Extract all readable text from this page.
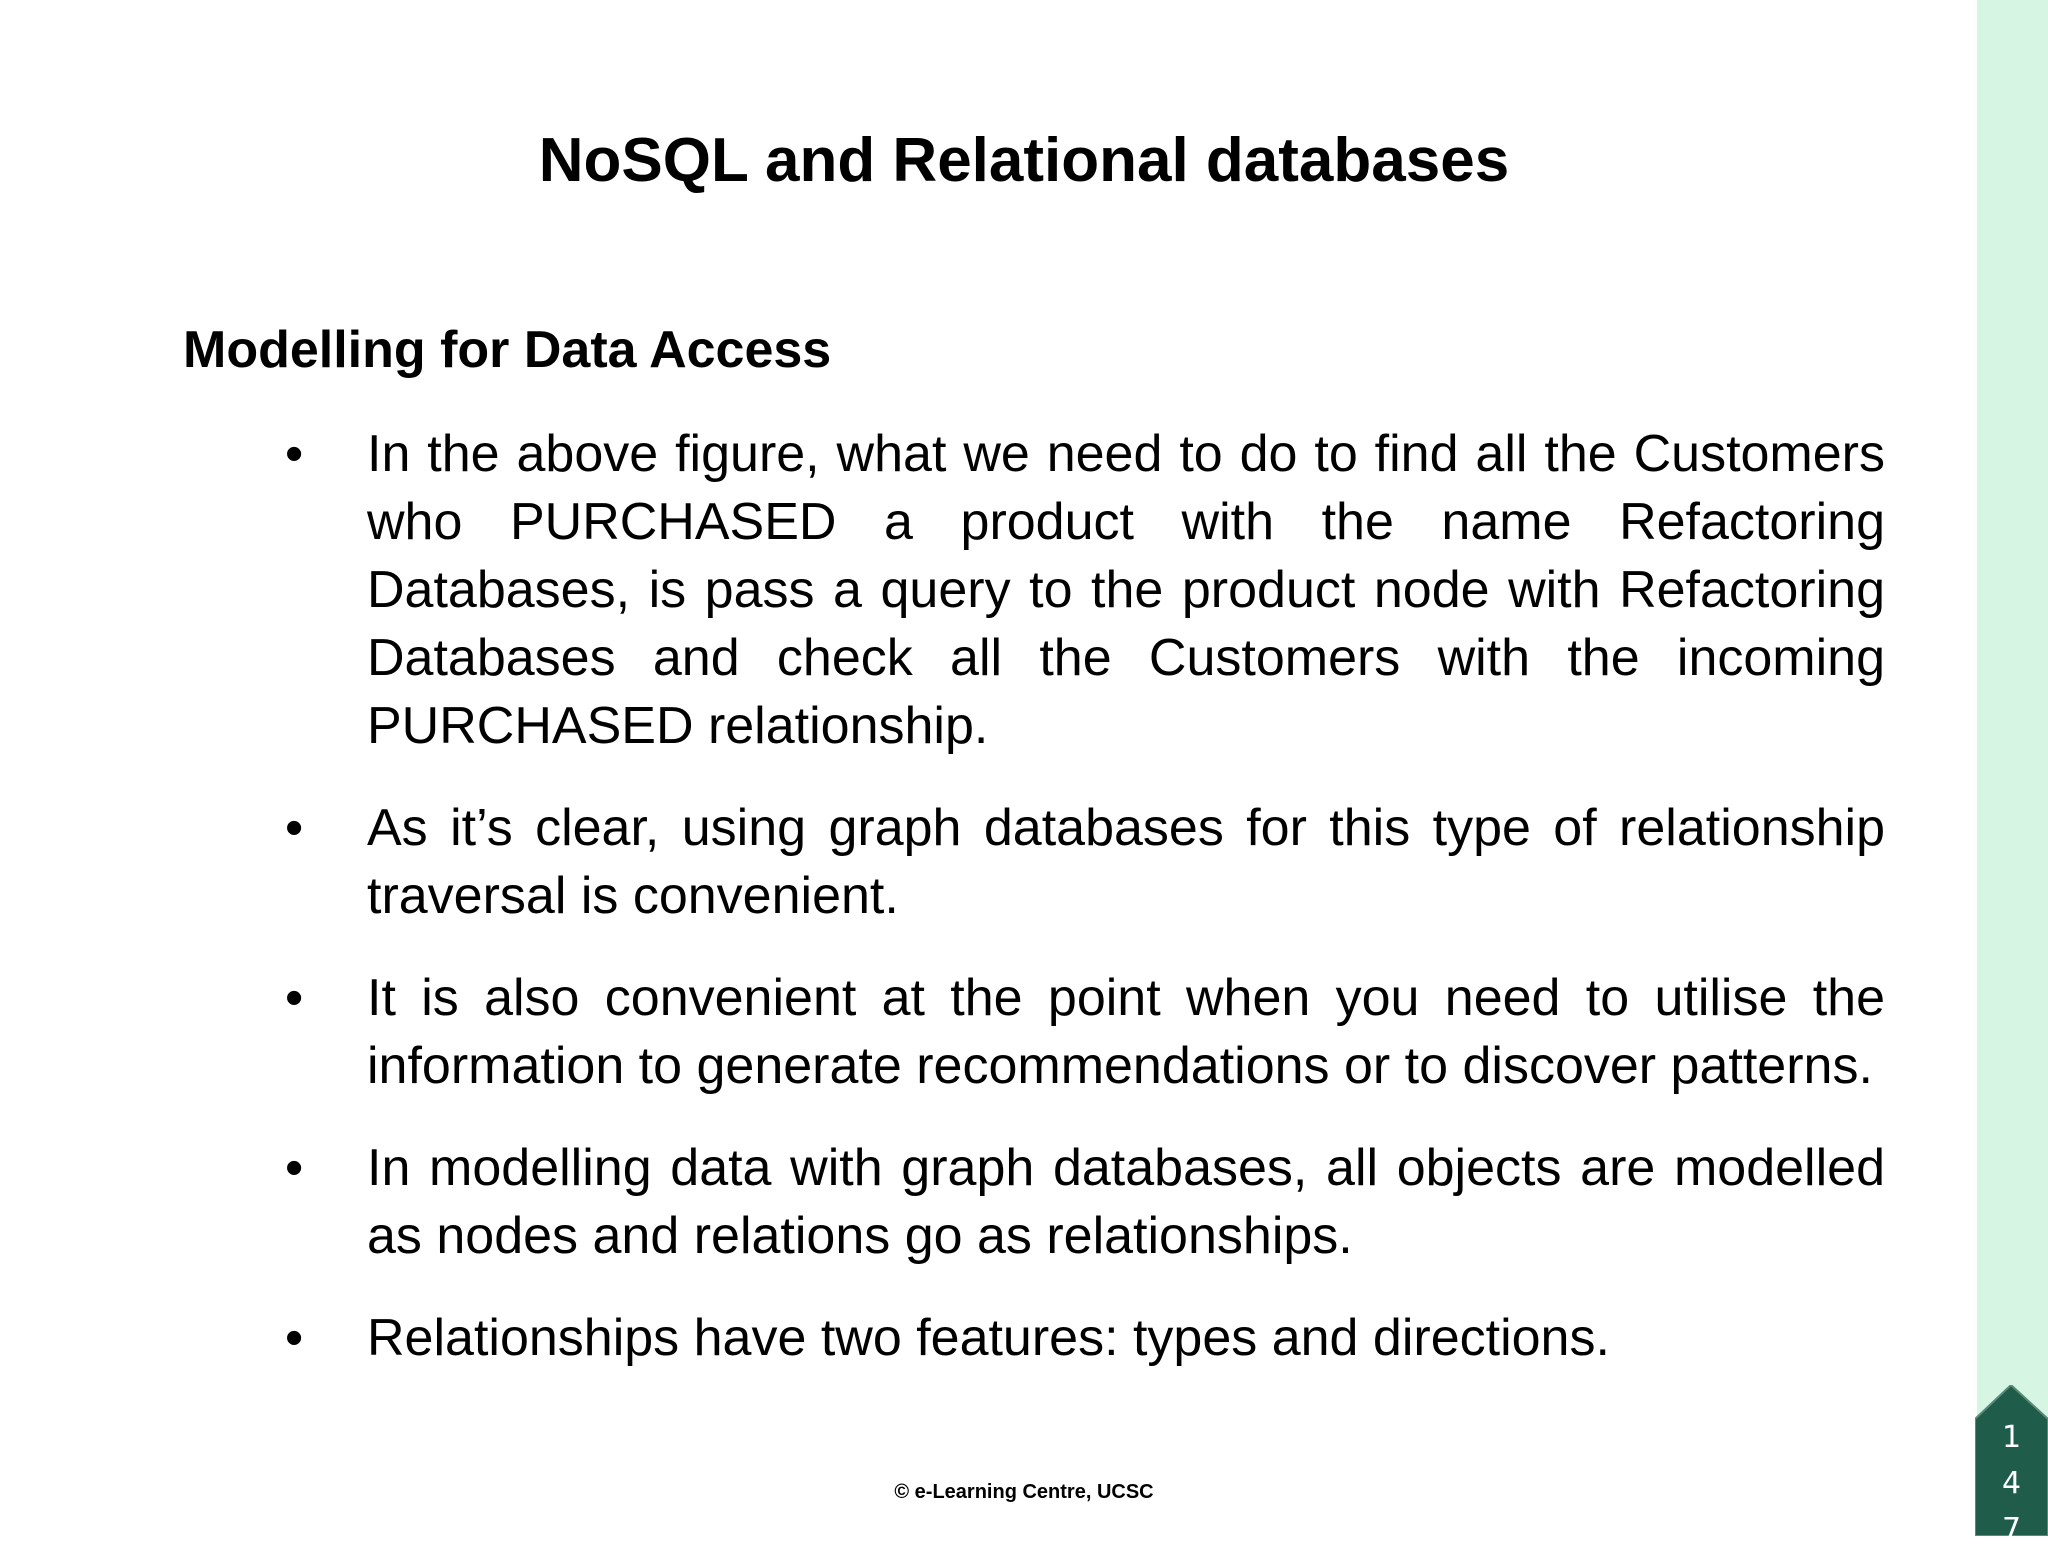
NoSQL and Relational databases
Modelling for Data Access
• In the above figure, what we need to do to find all the Customers who PURCHASED a product with the name Refactoring Databases, is pass a query to the product node with Refactoring Databases and check all the Customers with the incoming PURCHASED relationship.
• As it’s clear, using graph databases for this type of relationship traversal is convenient.
• It is also convenient at the point when you need to utilise the information to generate recommendations or to discover patterns.
• In modelling data with graph databases, all objects are modelled as nodes and relations go as relationships.
• Relationships have two features: types and directions.
© e-Learning Centre, UCSC
1
4
7
